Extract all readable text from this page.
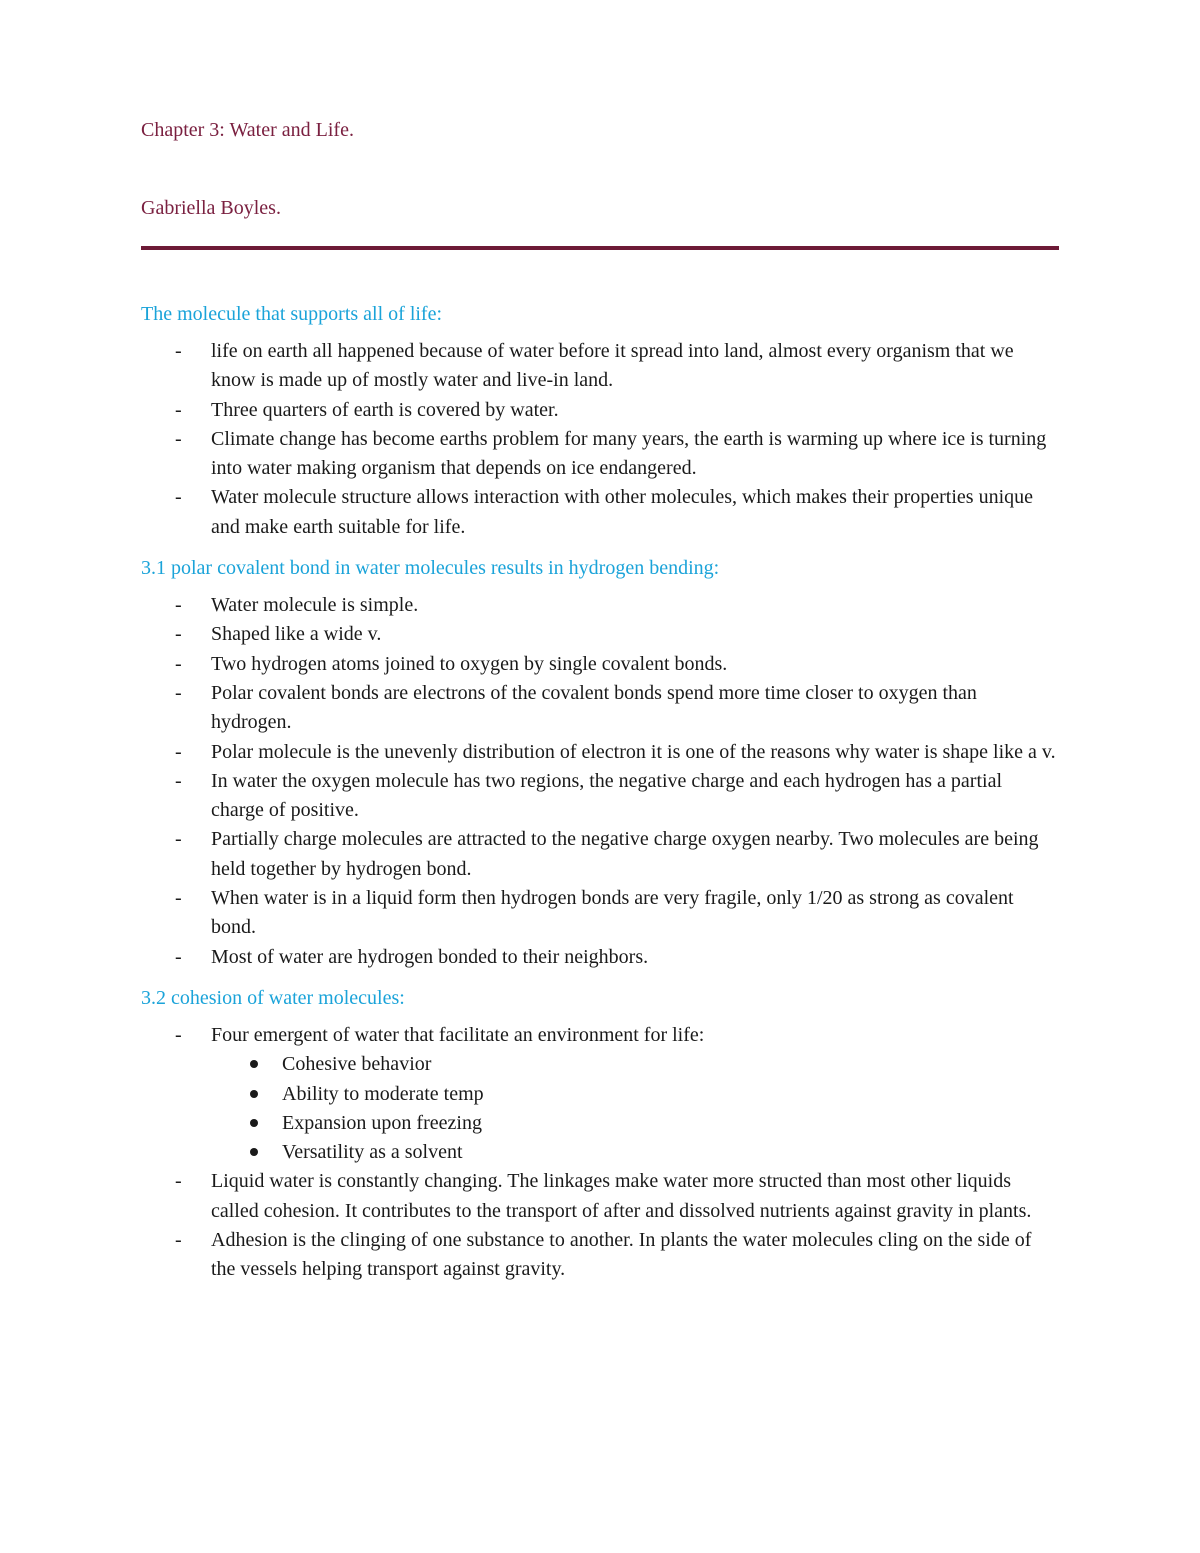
Chapter 3: Water and Life.
Gabriella Boyles.
The molecule that supports all of life:
- life on earth all happened because of water before it spread into land, almost every organism that we know is made up of mostly water and live-in land.
- Three quarters of earth is covered by water.
- Climate change has become earths problem for many years, the earth is warming up where ice is turning into water making organism that depends on ice endangered.
- Water molecule structure allows interaction with other molecules, which makes their properties unique and make earth suitable for life.
3.1 polar covalent bond in water molecules results in hydrogen bending:
- Water molecule is simple.
- Shaped like a wide v.
- Two hydrogen atoms joined to oxygen by single covalent bonds.
- Polar covalent bonds are electrons of the covalent bonds spend more time closer to oxygen than hydrogen.
- Polar molecule is the unevenly distribution of electron it is one of the reasons why water is shape like a v.
- In water the oxygen molecule has two regions, the negative charge and each hydrogen has a partial charge of positive.
- Partially charge molecules are attracted to the negative charge oxygen nearby. Two molecules are being held together by hydrogen bond.
- When water is in a liquid form then hydrogen bonds are very fragile, only 1/20 as strong as covalent bond.
- Most of water are hydrogen bonded to their neighbors.
3.2 cohesion of water molecules:
- Four emergent of water that facilitate an environment for life:
Cohesive behavior
Ability to moderate temp
Expansion upon freezing
Versatility as a solvent
- Liquid water is constantly changing. The linkages make water more structed than most other liquids called cohesion. It contributes to the transport of after and dissolved nutrients against gravity in plants.
- Adhesion is the clinging of one substance to another. In plants the water molecules cling on the side of the vessels helping transport against gravity.
